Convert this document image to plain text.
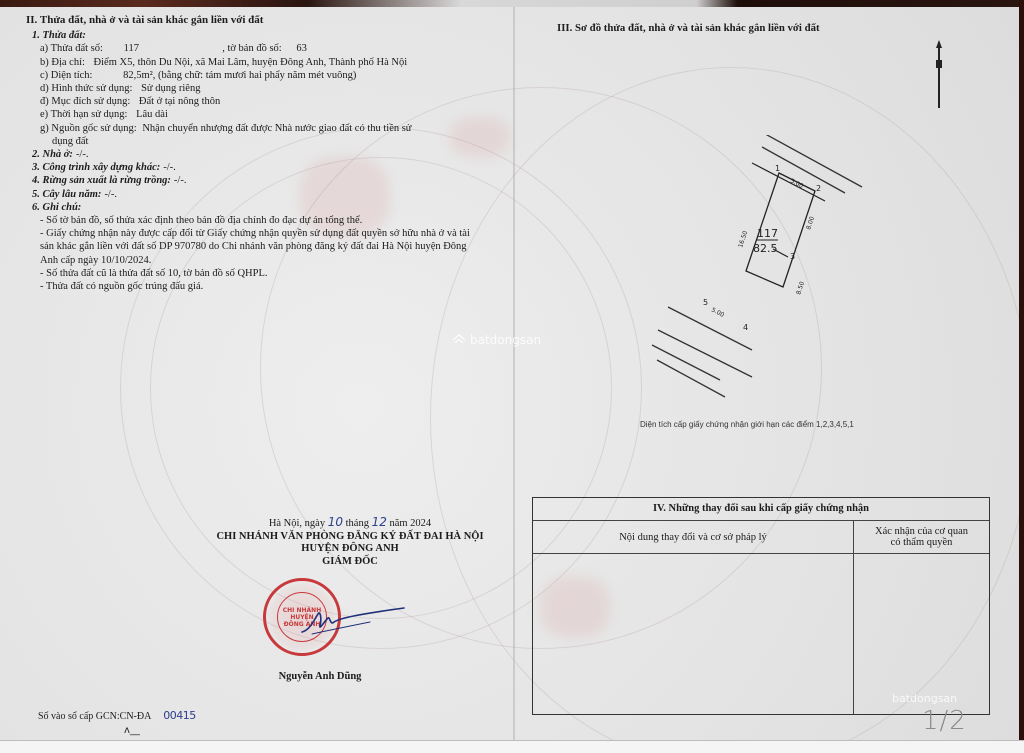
II. Thửa đất, nhà ở và tài sản khác gắn liền với đất
1. Thửa đất:
a) Thửa đất số: 117	, tờ bản đồ số: 63
b) Địa chỉ: Điểm X5, thôn Du Nội, xã Mai Lâm, huyện Đông Anh, Thành phố Hà Nội
c) Diện tích:	82,5m², (bằng chữ: tám mươi hai phẩy năm mét vuông)
d) Hình thức sử dụng: Sử dụng riêng
đ) Mục đích sử dụng: Đất ở tại nông thôn
e) Thời hạn sử dụng: Lâu dài
g) Nguồn gốc sử dụng: Nhận chuyển nhượng đất được Nhà nước giao đất có thu tiền sử
dụng đất
2. Nhà ở: -/-.
3. Công trình xây dựng khác: -/-.
4. Rừng sản xuất là rừng trồng: -/-.
5. Cây lâu năm: -/-.
6. Ghi chú:
- Số tờ bản đồ, số thửa xác định theo bản đồ địa chính đo đạc dự án tổng thể.
- Giấy chứng nhận này được cấp đổi từ Giấy chứng nhận quyền sử dụng đất quyền sở hữu nhà ở và tài sản khác gắn liền với đất số DP 970780 do Chi nhánh văn phòng đăng ký đất đai Hà Nội huyện Đông Anh cấp ngày 10/10/2024.
- Số thửa đất cũ là thửa đất số 10, tờ bản đồ số QHPL.
- Thửa đất có nguồn gốc trúng đấu giá.
Hà Nội, ngày 10 tháng 12 năm 2024
CHI NHÁNH VĂN PHÒNG ĐĂNG KÝ ĐẤT ĐAI HÀ NỘI
HUYỆN ĐÔNG ANH
GIÁM ĐỐC
CHI NHÁNH
HUYỆN
ĐÔNG ANH
Nguyễn Anh Dũng
Số vào sổ cấp GCN:CN-ĐA 00415
ʌ__
III. Sơ đồ thửa đất, nhà ở và tài sản khác gắn liền với đất
1
2
3
4
5
5.00
8.00
8.50
5.00
16.50 117
82.5
Diện tích cấp giấy chứng nhận giới hạn các điểm 1,2,3,4,5,1
IV. Những thay đổi sau khi cấp giấy chứng nhận
Nội dung thay đổi và cơ sở pháp lý	Xác nhận của cơ quan
có thẩm quyền
batdongsan
batdongsan
1/2
